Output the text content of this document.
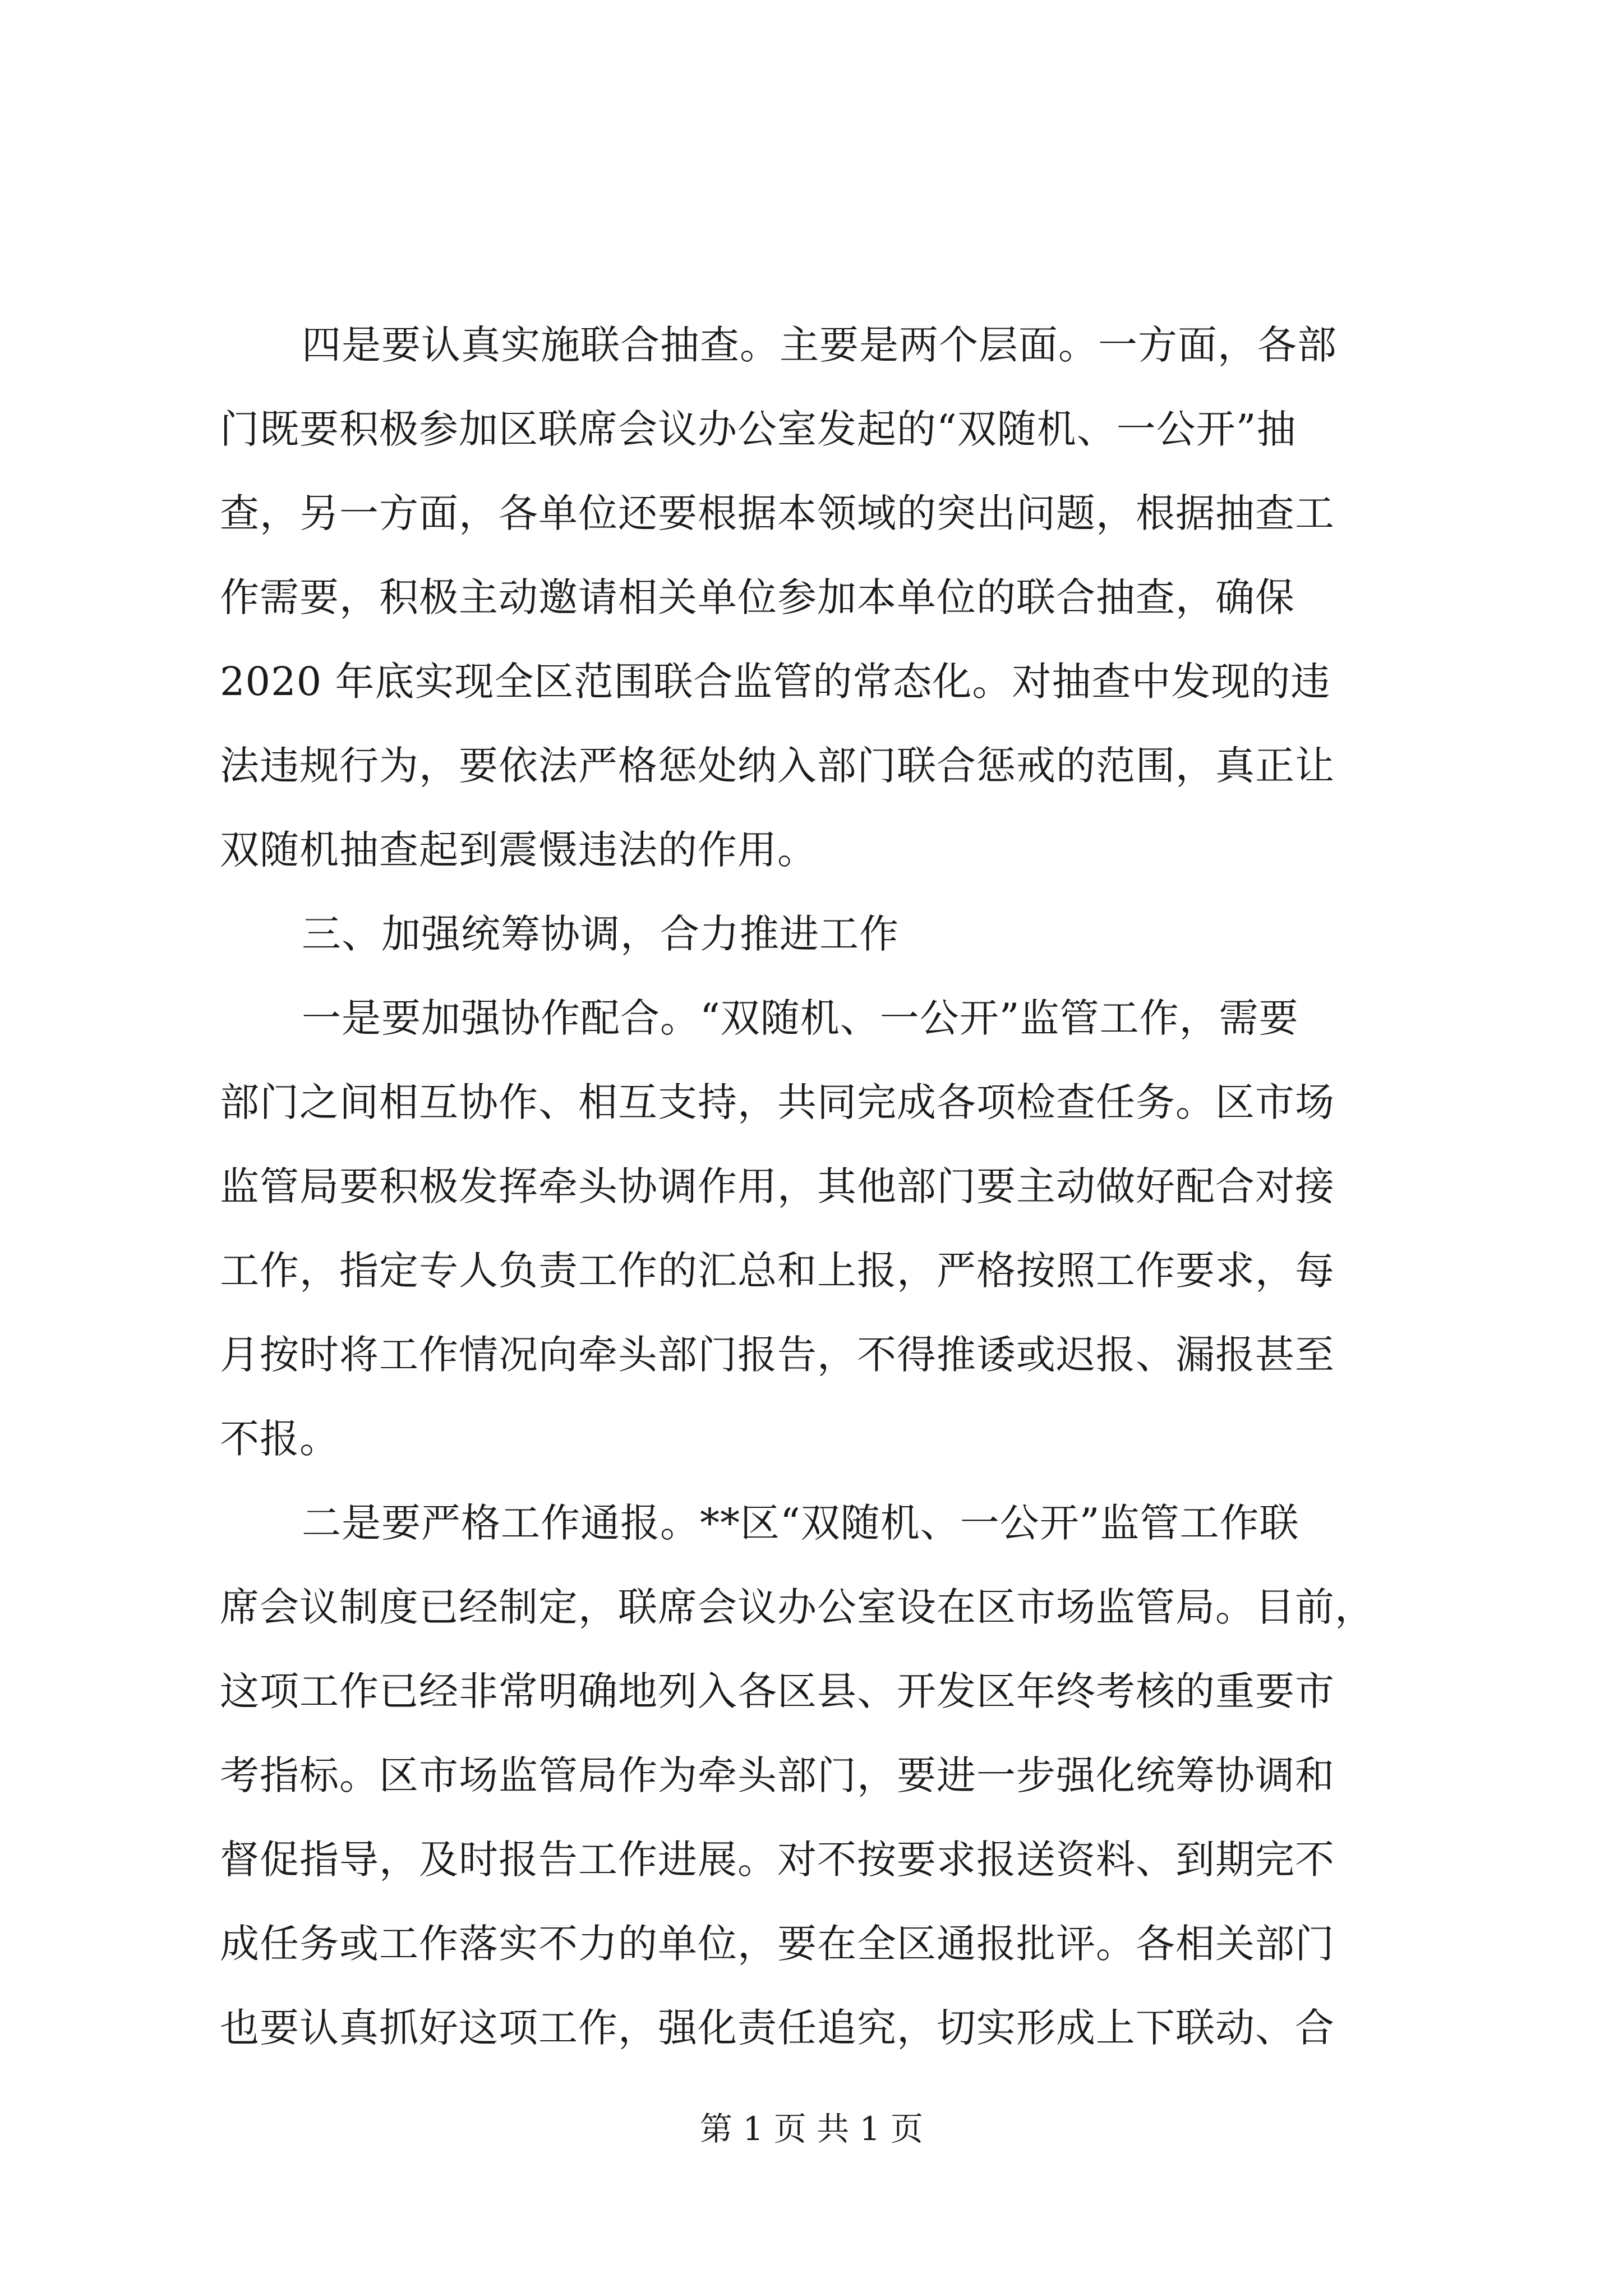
四是要认真实施联合抽查。主要是两个层面。一方面，各部
门既要积极参加区联席会议办公室发起的“双随机、一公开”抽
查，另一方面，各单位还要根据本领域的突出问题，根据抽查工
作需要，积极主动邀请相关单位参加本单位的联合抽查，确保
2020 年底实现全区范围联合监管的常态化。对抽查中发现的违
法违规行为，要依法严格惩处纳入部门联合惩戒的范围，真正让
双随机抽查起到震慑违法的作用。
三、加强统筹协调，合力推进工作
一是要加强协作配合。“双随机、一公开”监管工作，需要
部门之间相互协作、相互支持，共同完成各项检查任务。区市场
监管局要积极发挥牵头协调作用，其他部门要主动做好配合对接
工作，指定专人负责工作的汇总和上报，严格按照工作要求，每
月按时将工作情况向牵头部门报告，不得推诿或迟报、漏报甚至
不报。
二是要严格工作通报。**区“双随机、一公开”监管工作联
席会议制度已经制定，联席会议办公室设在区市场监管局。目前，
这项工作已经非常明确地列入各区县、开发区年终考核的重要市
考指标。区市场监管局作为牵头部门，要进一步强化统筹协调和
督促指导，及时报告工作进展。对不按要求报送资料、到期完不
成任务或工作落实不力的单位，要在全区通报批评。各相关部门
也要认真抓好这项工作，强化责任追究，切实形成上下联动、合
第 1 页 共 1 页
